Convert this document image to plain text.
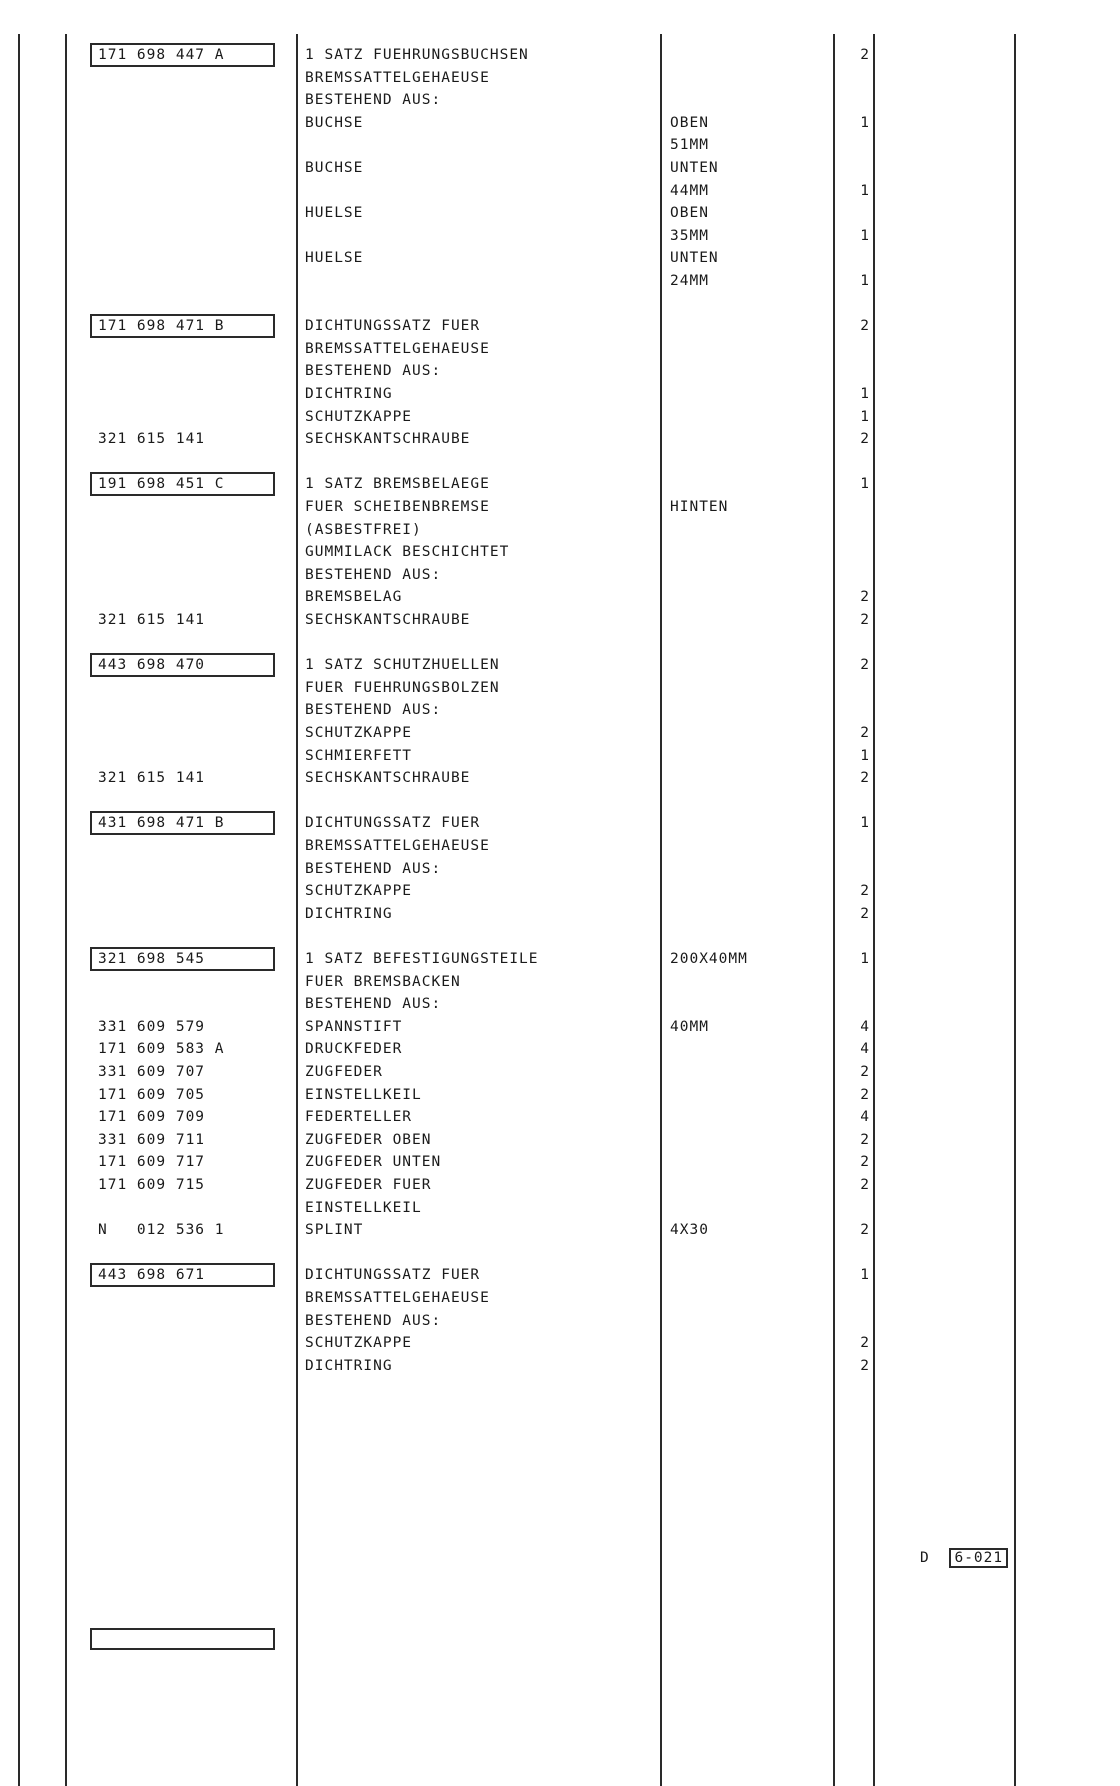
171 698 447 A	1 SATZ FUEHRUNGSBUCHSEN	2
BREMSSATTELGEHAEUSE
BESTEHEND AUS:
BUCHSE	OBEN	1
51MM
BUCHSE	UNTEN
44MM	1
HUELSE	OBEN
35MM	1
HUELSE	UNTEN
24MM	1
171 698 471 B	DICHTUNGSSATZ FUER	2
BREMSSATTELGEHAEUSE
BESTEHEND AUS:
DICHTRING	1
SCHUTZKAPPE	1
321 615 141	SECHSKANTSCHRAUBE	2
191 698 451 C	1 SATZ BREMSBELAEGE	1
FUER SCHEIBENBREMSE	HINTEN
(ASBESTFREI)
GUMMILACK BESCHICHTET
BESTEHEND AUS:
BREMSBELAG	2
321 615 141	SECHSKANTSCHRAUBE	2
443 698 470	1 SATZ SCHUTZHUELLEN	2
FUER FUEHRUNGSBOLZEN
BESTEHEND AUS:
SCHUTZKAPPE	2
SCHMIERFETT	1
321 615 141	SECHSKANTSCHRAUBE	2
431 698 471 B	DICHTUNGSSATZ FUER	1
BREMSSATTELGEHAEUSE
BESTEHEND AUS:
SCHUTZKAPPE	2
DICHTRING	2
321 698 545	1 SATZ BEFESTIGUNGSTEILE	200X40MM	1
FUER BREMSBACKEN
BESTEHEND AUS:
331 609 579	SPANNSTIFT	40MM	4
171 609 583 A	DRUCKFEDER	4
331 609 707	ZUGFEDER	2
171 609 705	EINSTELLKEIL	2
171 609 709	FEDERTELLER	4
331 609 711	ZUGFEDER OBEN	2
171 609 717	ZUGFEDER UNTEN	2
171 609 715	ZUGFEDER FUER	2
EINSTELLKEIL
N   012 536 1	SPLINT	4X30	2
443 698 671	DICHTUNGSSATZ FUER	1
BREMSSATTELGEHAEUSE
BESTEHEND AUS:
SCHUTZKAPPE	2
DICHTRING	2
D 6-021
